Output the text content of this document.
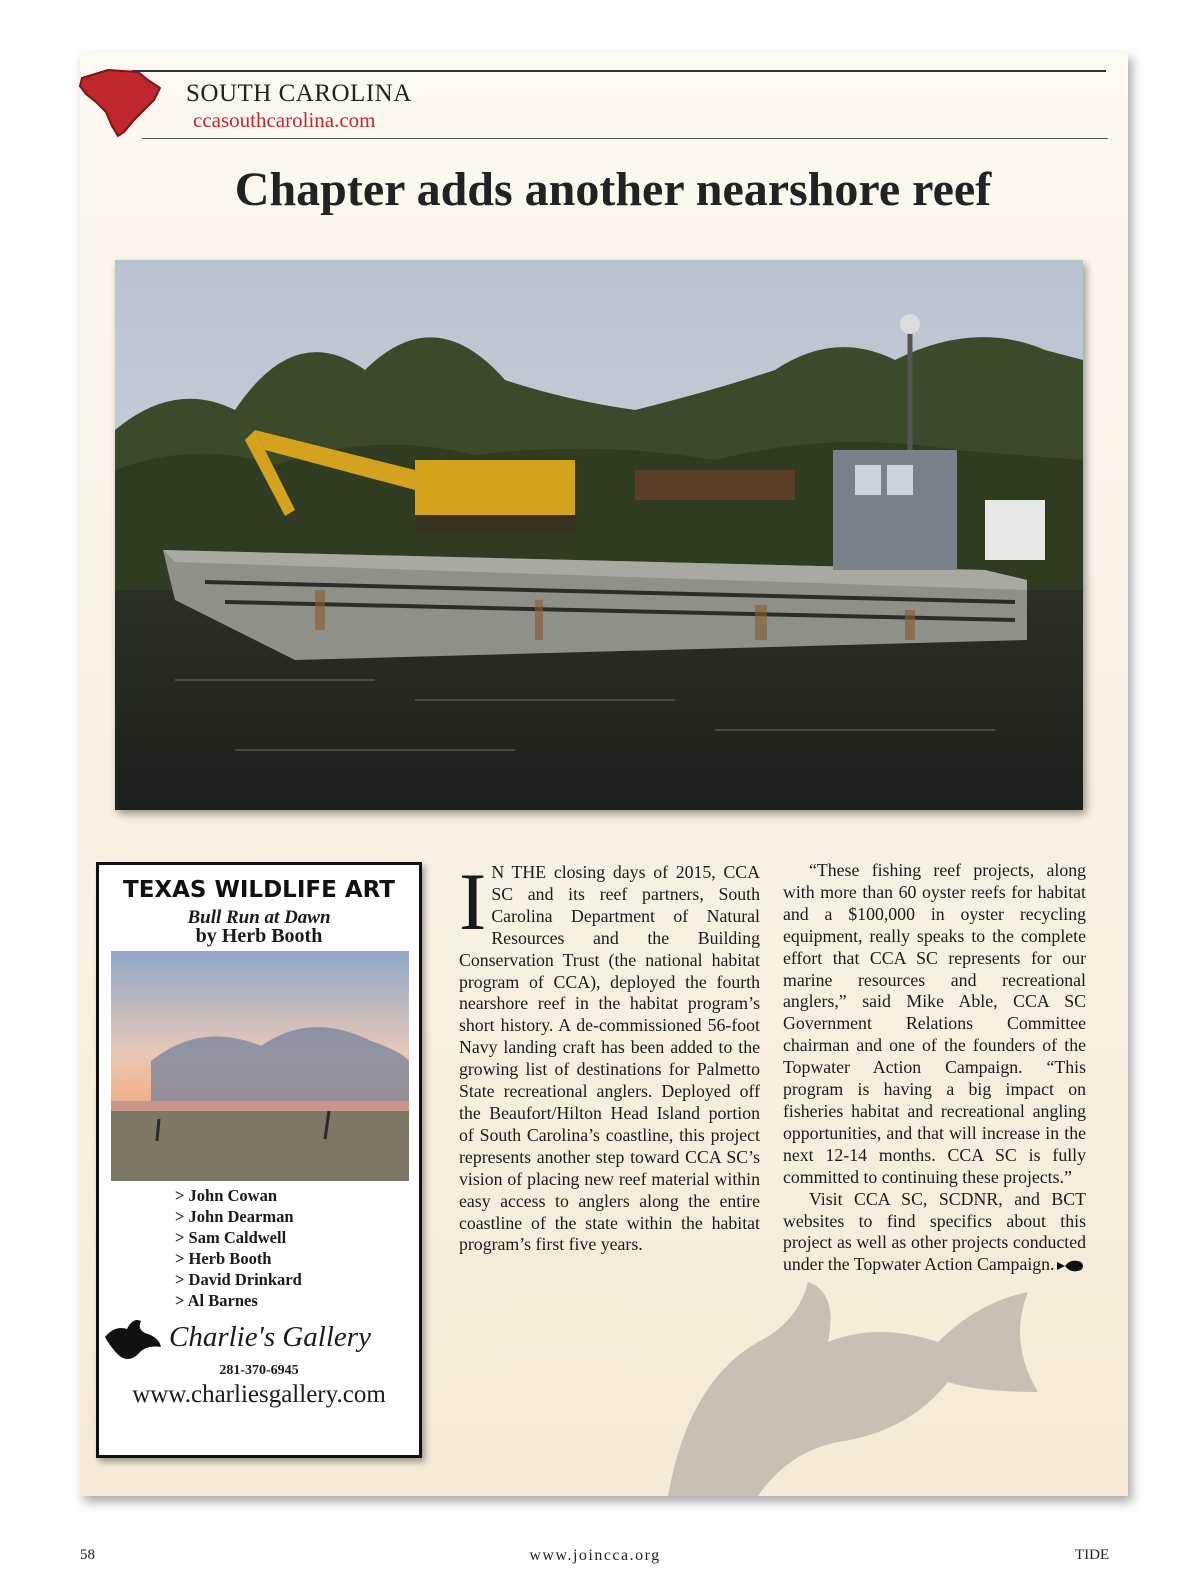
SOUTH CAROLINA
ccasouthcarolina.com
Chapter adds another nearshore reef
TEXAS WILDLIFE ART
Bull Run at Dawn
by Herb Booth
> John Cowan
> John Dearman
> Sam Caldwell
> Herb Booth
> David Drinkard
> Al Barnes
Charlie's Gallery
281-370-6945
www.charliesgallery.com
I N THE closing days of 2015, CCA SC and its reef partners, South Carolina Department of Natural Resources and the Building Conservation Trust (the national habitat program of CCA), deployed the fourth nearshore reef in the habitat program’s short history. A de-commissioned 56-foot Navy landing craft has been added to the growing list of destinations for Palmetto State recreational anglers. Deployed off the Beaufort/Hilton Head Island portion of South Carolina’s coastline, this project represents another step toward CCA SC’s vision of placing new reef material within easy access to anglers along the entire coastline of the state within the habitat program’s first five years.

“These fishing reef projects, along with more than 60 oyster reefs for habitat and a $100,000 in oyster recycling equipment, really speaks to the complete effort that CCA SC represents for our marine resources and recreational anglers,” said Mike Able, CCA SC Government Relations Committee chairman and one of the founders of the Topwater Action Campaign. “This program is having a big impact on fisheries habitat and recreational angling opportunities, and that will increase in the next 12-14 months. CCA SC is fully committed to continuing these projects.”

Visit CCA SC, SCDNR, and BCT websites to find specifics about this project as well as other projects conducted under the Topwater Action Campaign.

58	www.joincca.org	TIDE
